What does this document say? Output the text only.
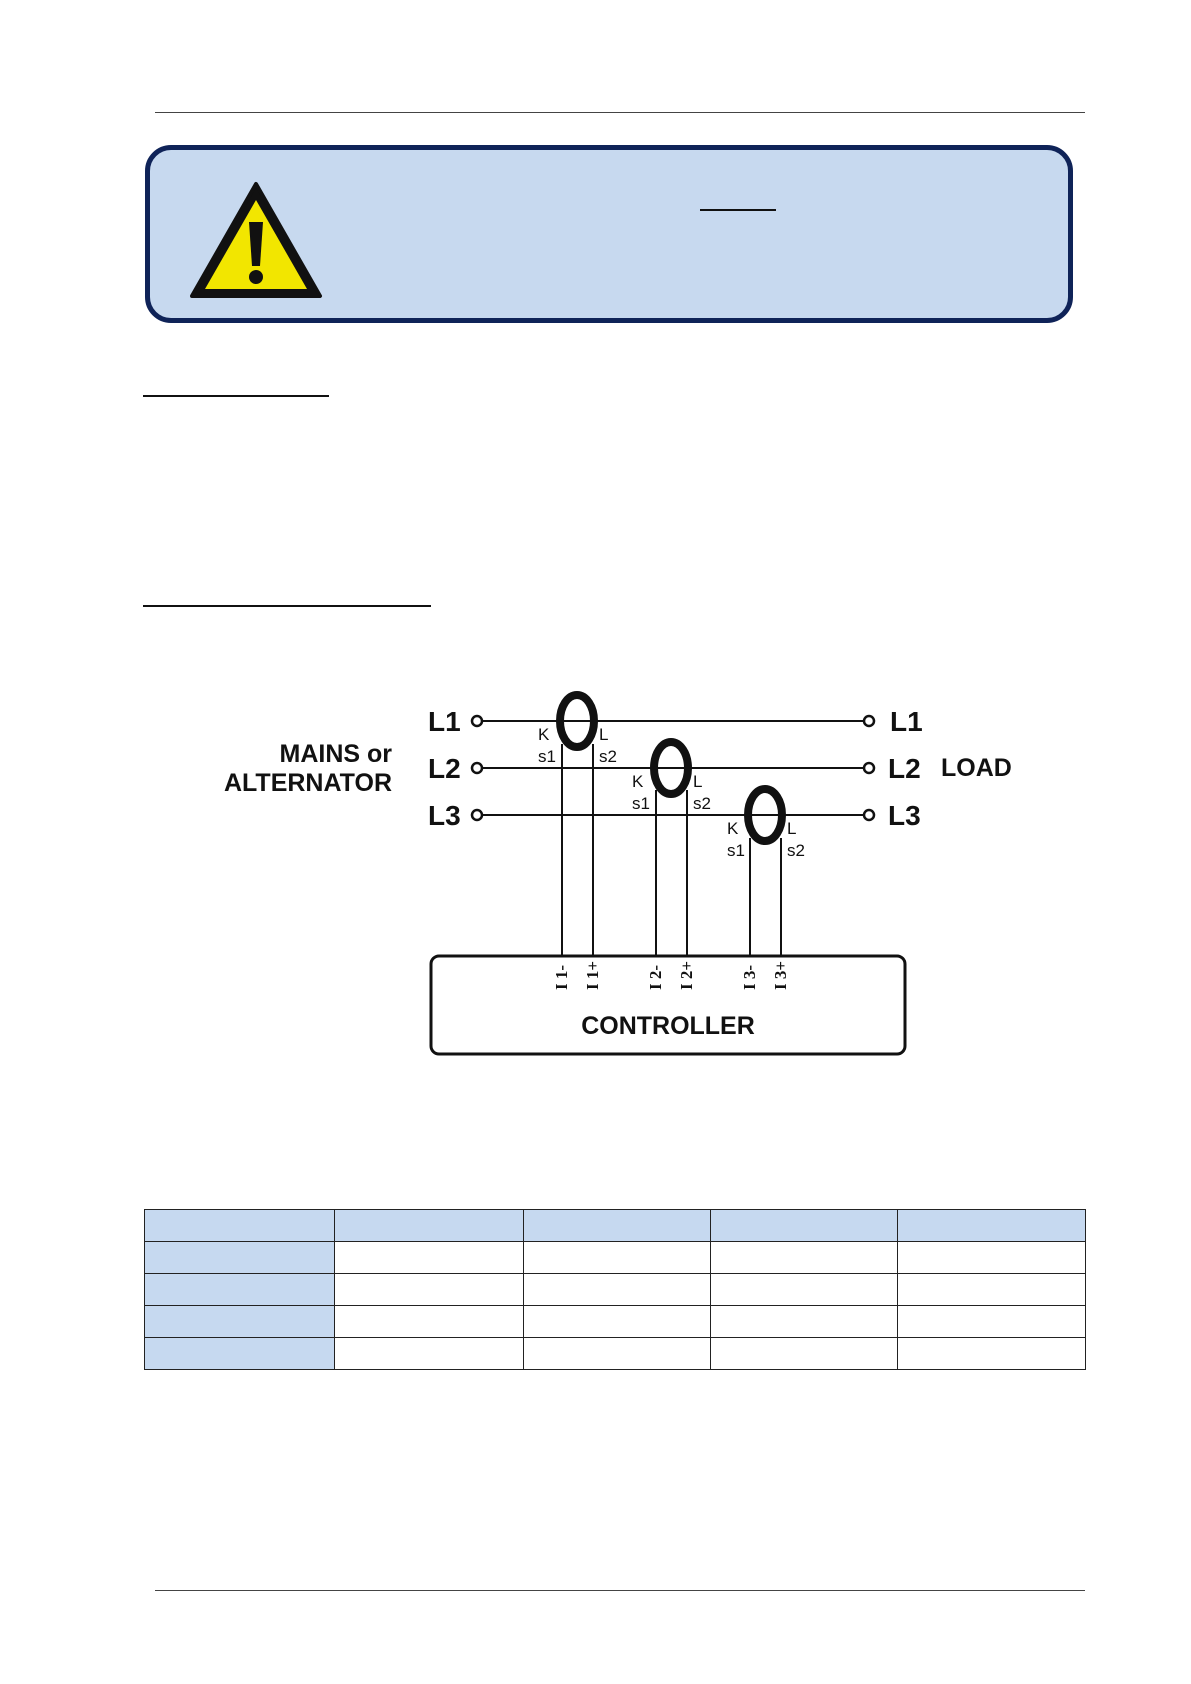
MAINS or
ALTERNATOR
L1
L2
L3
L1
L2
L3
LOAD
CONTROLLER
K	L
s1	s2
K	L
s1	s2
K	L
s1 s2
I 1- I 1+	I 2- I 2+	I 3- I 3+
